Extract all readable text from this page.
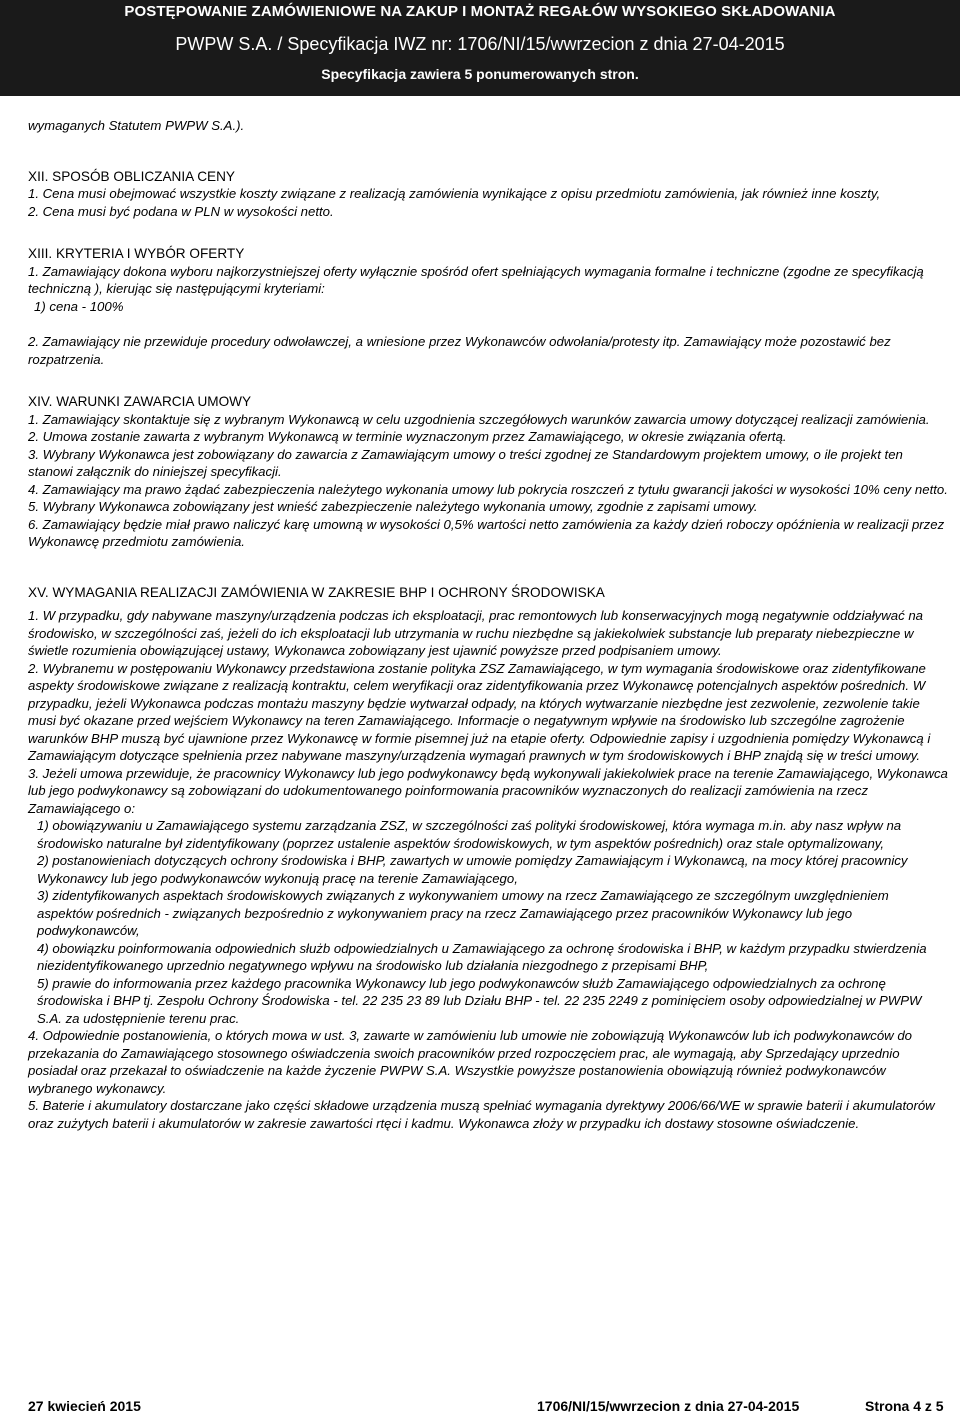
POSTĘPOWANIE ZAMÓWIENIOWE NA ZAKUP I MONTAŻ REGAŁÓW WYSOKIEGO SKŁADOWANIA
PWPW S.A. / Specyfikacja IWZ nr: 1706/NI/15/wwrzecion z dnia 27-04-2015
Specyfikacja zawiera 5 ponumerowanych stron.

wymaganych Statutem PWPW S.A.).

XII. SPOSÓB OBLICZANIA CENY

1. Cena musi obejmować wszystkie koszty związane z realizacją zamówienia wynikające z opisu przedmiotu zamówienia, jak również inne koszty,

2. Cena musi być podana w PLN w wysokości netto.

XIII. KRYTERIA I WYBÓR OFERTY

1. Zamawiający dokona wyboru najkorzystniejszej oferty wyłącznie spośród ofert spełniających wymagania formalne i techniczne (zgodne ze specyfikacją techniczną ), kierując się następującymi kryteriami:

1) cena - 100%

2. Zamawiający nie przewiduje procedury odwoławczej, a wniesione przez Wykonawców odwołania/protesty itp. Zamawiający może pozostawić bez rozpatrzenia.

XIV. WARUNKI ZAWARCIA UMOWY

1. Zamawiający skontaktuje się z wybranym Wykonawcą w celu uzgodnienia szczegółowych warunków zawarcia umowy dotyczącej realizacji zamówienia.

2. Umowa zostanie zawarta z wybranym Wykonawcą w terminie wyznaczonym przez Zamawiającego, w okresie związania ofertą.

3. Wybrany Wykonawca jest zobowiązany do zawarcia z Zamawiającym umowy o treści zgodnej ze Standardowym projektem umowy, o ile projekt ten stanowi załącznik do niniejszej specyfikacji.

4. Zamawiający ma prawo żądać zabezpieczenia należytego wykonania umowy lub pokrycia roszczeń z tytułu gwarancji jakości w wysokości 10% ceny netto.

5. Wybrany Wykonawca zobowiązany jest wnieść zabezpieczenie należytego wykonania umowy, zgodnie z zapisami umowy.

6. Zamawiający będzie miał prawo naliczyć karę umowną w wysokości 0,5% wartości netto zamówienia za każdy dzień roboczy opóźnienia w realizacji przez Wykonawcę przedmiotu zamówienia.

XV. WYMAGANIA REALIZACJI ZAMÓWIENIA W ZAKRESIE BHP I OCHRONY ŚRODOWISKA

1. W przypadku, gdy nabywane maszyny/urządzenia podczas ich eksploatacji, prac remontowych lub konserwacyjnych mogą negatywnie oddziaływać na środowisko, w szczególności zaś, jeżeli do ich eksploatacji lub utrzymania w ruchu niezbędne są jakiekolwiek substancje lub preparaty niebezpieczne w świetle rozumienia obowiązującej ustawy, Wykonawca zobowiązany jest ujawnić powyższe przed podpisaniem umowy.

2. Wybranemu w postępowaniu Wykonawcy przedstawiona zostanie polityka ZSZ Zamawiającego, w tym wymagania środowiskowe oraz zidentyfikowane aspekty środowiskowe związane z realizacją kontraktu, celem weryfikacji oraz zidentyfikowania przez Wykonawcę potencjalnych aspektów pośrednich. W przypadku, jeżeli Wykonawca podczas montażu maszyny będzie wytwarzał odpady, na których wytwarzanie niezbędne jest zezwolenie, zezwolenie takie musi być okazane przed wejściem Wykonawcy na teren Zamawiającego. Informacje o negatywnym wpływie na środowisko lub szczególne zagrożenie warunków BHP muszą być ujawnione przez Wykonawcę w formie pisemnej już na etapie oferty. Odpowiednie zapisy i uzgodnienia pomiędzy Wykonawcą i Zamawiającym dotyczące spełnienia przez nabywane maszyny/urządzenia wymagań prawnych w tym środowiskowych i BHP znajdą się w treści umowy.

3. Jeżeli umowa przewiduje, że pracownicy Wykonawcy lub jego podwykonawcy będą wykonywali jakiekolwiek prace na terenie Zamawiającego, Wykonawca lub jego podwykonawcy są zobowiązani do udokumentowanego poinformowania pracowników wyznaczonych do realizacji zamówienia na rzecz Zamawiającego o:

1) obowiązywaniu u Zamawiającego systemu zarządzania ZSZ, w szczególności zaś polityki środowiskowej, która wymaga m.in. aby nasz wpływ na środowisko naturalne był zidentyfikowany (poprzez ustalenie aspektów środowiskowych, w tym aspektów pośrednich) oraz stale optymalizowany,

2) postanowieniach dotyczących ochrony środowiska i BHP, zawartych w umowie pomiędzy Zamawiającym i Wykonawcą, na mocy której pracownicy Wykonawcy lub jego podwykonawców wykonują pracę na terenie Zamawiającego,

3) zidentyfikowanych aspektach środowiskowych związanych z wykonywaniem umowy na rzecz Zamawiającego ze szczególnym uwzględnieniem aspektów pośrednich - związanych bezpośrednio z wykonywaniem pracy na rzecz Zamawiającego przez pracowników Wykonawcy lub jego podwykonawców,

4) obowiązku poinformowania odpowiednich służb odpowiedzialnych u Zamawiającego za ochronę środowiska i BHP, w każdym przypadku stwierdzenia niezidentyfikowanego uprzednio negatywnego wpływu na środowisko lub działania niezgodnego z przepisami BHP,

5) prawie do informowania przez każdego pracownika Wykonawcy lub jego podwykonawców służb Zamawiającego odpowiedzialnych za ochronę środowiska i BHP tj. Zespołu Ochrony Środowiska - tel. 22 235 23 89 lub Działu BHP - tel. 22 235 2249 z pominięciem osoby odpowiedzialnej w PWPW S.A. za udostępnienie terenu prac.

4. Odpowiednie postanowienia, o których mowa w ust. 3, zawarte w zamówieniu lub umowie nie zobowiązują Wykonawców lub ich podwykonawców do przekazania do Zamawiającego stosownego oświadczenia swoich pracowników przed rozpoczęciem prac, ale wymagają, aby Sprzedający uprzednio posiadał oraz przekazał to oświadczenie na każde życzenie PWPW S.A. Wszystkie powyższe postanowienia obowiązują również podwykonawców wybranego wykonawcy.

5. Baterie i akumulatory dostarczane jako części składowe urządzenia muszą spełniać wymagania dyrektywy 2006/66/WE w sprawie baterii i akumulatorów oraz zużytych baterii i akumulatorów w zakresie zawartości rtęci i kadmu. Wykonawca złoży w przypadku ich dostawy stosowne oświadczenie.

27 kwiecień 2015	1706/NI/15/wwrzecion z dnia 27-04-2015	Strona 4 z 5
